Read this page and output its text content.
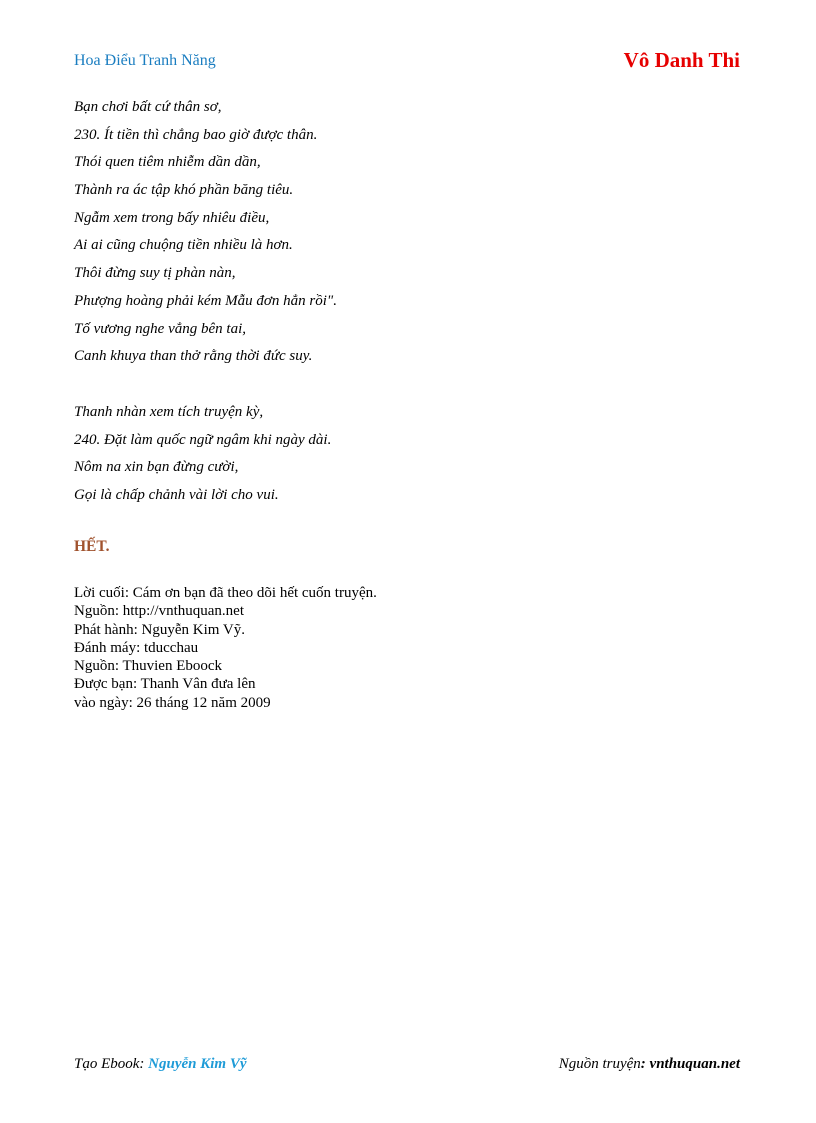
Hoa Điểu Tranh Năng	Vô Danh Thi
Bạn chơi bất cứ thân sơ,
230. Ít tiền thì chẳng bao giờ được thân.
Thói quen tiêm nhiễm dần dần,
Thành ra ác tập khó phần băng tiêu.
Ngẫm xem trong bấy nhiêu điều,
Ai ai cũng chuộng tiền nhiều là hơn.
Thôi đừng suy tị phàn nàn,
Phượng hoàng phải kém Mẫu đơn hẳn rồi".
Tố vương nghe vẳng bên tai,
Canh khuya than thở rằng thời đức suy.
Thanh nhàn xem tích truyện kỳ,
240. Đặt làm quốc ngữ ngâm khi ngày dài.
Nôm na xin bạn đừng cười,
Gọi là chấp chảnh vài lời cho vui.
HẾT.
Lời cuối: Cám ơn bạn đã theo dõi hết cuốn truyện.
Nguồn: http://vnthuquan.net
Phát hành: Nguyễn Kim Vỹ.
Đánh máy: tducchau
Nguồn: Thuvien Eboock
Được bạn: Thanh Vân đưa lên
vào ngày: 26 tháng 12 năm 2009
Tạo Ebook: Nguyễn Kim Vỹ	Nguồn truyện: vnthuquan.net
